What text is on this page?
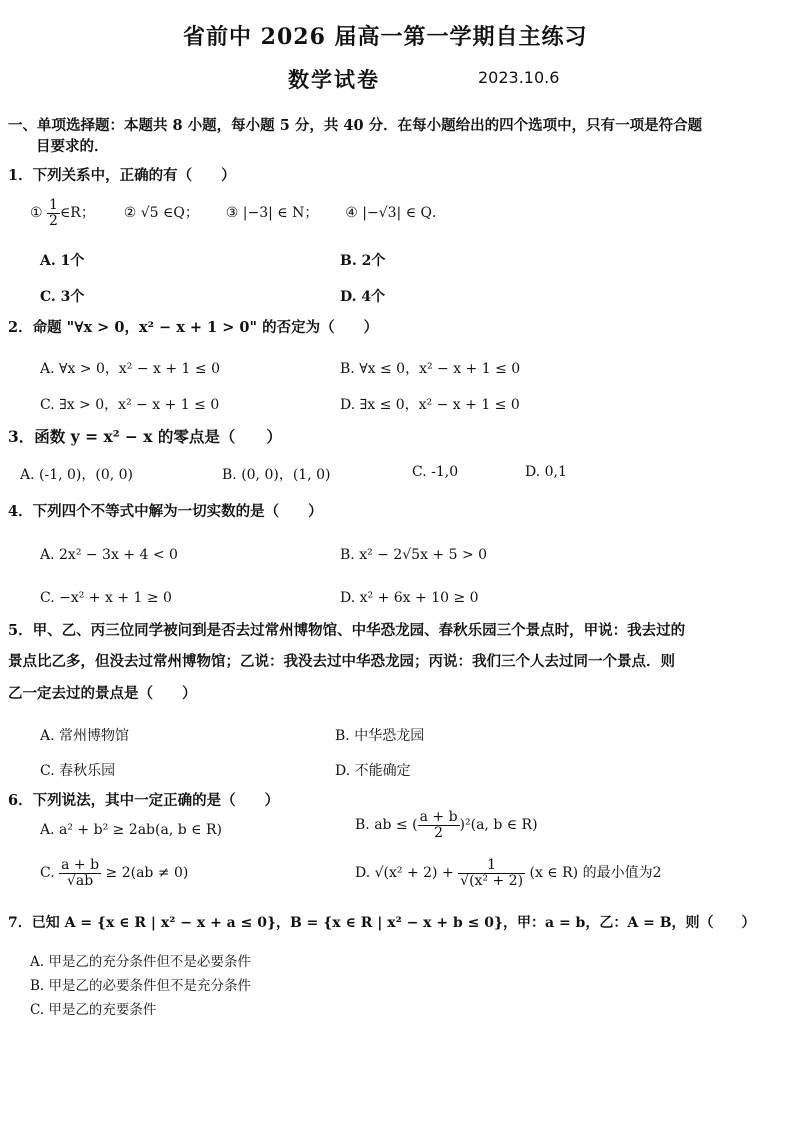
省前中 2026 届高一第一学期自主练习
数学试卷	2023.10.6
一、单项选择题：本题共 8 小题，每小题 5 分，共 40 分．在每小题给出的四个选项中，只有一项是符合题
目要求的．
1．下列关系中，正确的有（　　）
① $\frac{1}{2}$ ∈R； ② √5 ∈Q； ③ |−3| ∈ N； ④ |−√3| ∈ Q．
A. 1个	B. 2个
C. 3个	D. 4个
2．命题 "∀x > 0，x² − x + 1 > 0" 的否定为（　　）
A. ∀x > 0，x² − x + 1 ≤ 0	B. ∀x ≤ 0，x² − x + 1 ≤ 0
C. ∃x > 0，x² − x + 1 ≤ 0	D. ∃x ≤ 0，x² − x + 1 ≤ 0
3．函数 y = x² − x 的零点是（　　）
A. (-1, 0)，(0, 0)	B. (0, 0)，(1, 0)	C. -1,0	D. 0,1
4．下列四个不等式中解为一切实数的是（　　）
A. 2x² − 3x + 4 < 0	B. x² − 2√5x + 5 > 0
C. −x² + x + 1 ≥ 0	D. x² + 6x + 10 ≥ 0
5．甲、乙、丙三位同学被问到是否去过常州博物馆、中华恐龙园、春秋乐园三个景点时，甲说：我去过的
景点比乙多，但没去过常州博物馆；乙说：我没去过中华恐龙园；丙说：我们三个人去过同一个景点．则
乙一定去过的景点是（　　）
A. 常州博物馆	B. 中华恐龙园
C. 春秋乐园	D. 不能确定
6．下列说法，其中一定正确的是（　　）
A. a² + b² ≥ 2ab(a, b ∈ R)	B. ab ≤ ( $\frac{a + b}{2} )^2(a$, b ∈ R)
C. $\frac{a + b}{√ab} \ge 2(ab \ne 0)$	D. $√(x^2 + 2) + \frac{1}{\text{√(x² + 2)}} (x$ ∈ R) 的最小值为2
7．已知 A = {x ∈ R | x² − x + a ≤ 0}，B = {x ∈ R | x² − x + b ≤ 0}，甲：a = b，乙：A = B，则（　　）
A. 甲是乙的充分条件但不是必要条件
B. 甲是乙的必要条件但不是充分条件
C. 甲是乙的充要条件
